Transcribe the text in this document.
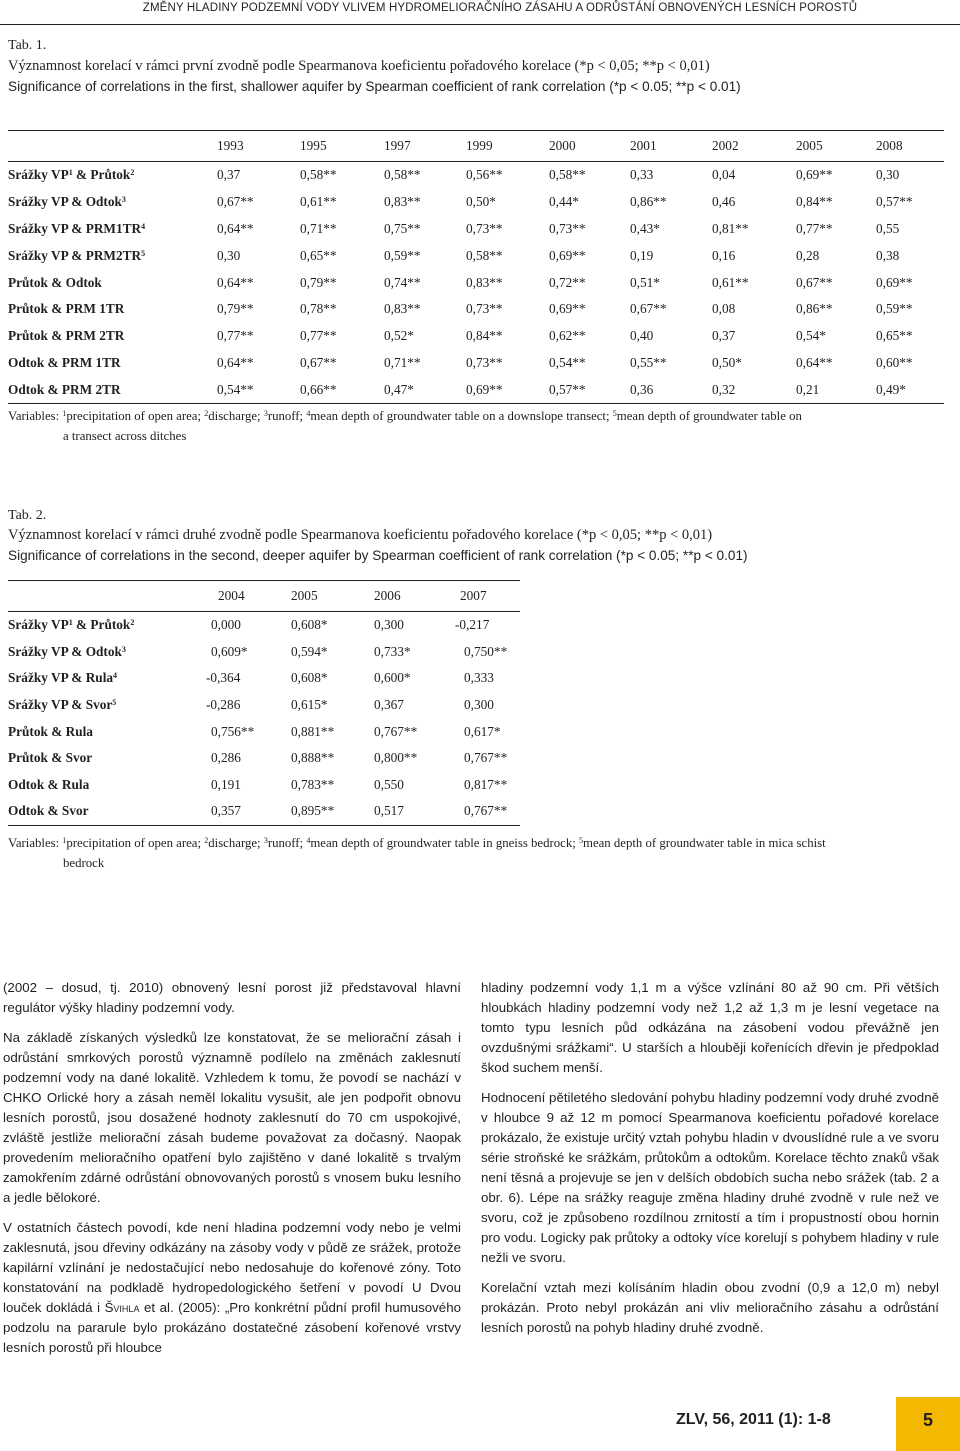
ZMĚNY HLADINY PODZEMNÍ VODY VLIVEM HYDROMELIORAČNÍHO ZÁSAHU A ODRŮSTÁNÍ OBNOVENÝCH LESNÍCH POROSTŮ
Tab. 1.
Významnost korelací v rámci první zvodně podle Spearmanova koeficientu pořadového korelace (*p < 0,05; **p < 0,01)
Significance of correlations in the first, shallower aquifer by Spearman coefficient of rank correlation (*p < 0.05; **p < 0.01)
	1993	1995	1997	1999	2000	2001	2002	2005	2008
Srážky $VP^1$ & Průtok$^2$	0,37	0,58**	0,58**	0,56**	0,58**	0,33	0,04	0,69**	0,30
Srážky VP & Odtok$^3$	0,67**	0,61**	0,83**	0,50*	0,44*	0,86**	0,46	0,84**	0,57**
Srážky VP & $PRM1TR^4$	0,64**	0,71**	0,75**	0,73**	0,73**	0,43*	0,81**	0,77**	0,55
Srážky VP & $PRM2TR^5$	0,30	0,65**	0,59**	0,58**	0,69**	0,19	0,16	0,28	0,38
Průtok & Odtok	0,64**	0,79**	0,74**	0,83**	0,72**	0,51*	0,61**	0,67**	0,69**
Průtok & PRM 1TR	0,79**	0,78**	0,83**	0,73**	0,69**	0,67**	0,08	0,86**	0,59**
Průtok & PRM 2TR	0,77**	0,77**	0,52*	0,84**	0,62**	0,40	0,37	0,54*	0,65**
Odtok & PRM 1TR	0,64**	0,67**	0,71**	0,73**	0,54**	0,55**	0,50*	0,64**	0,60**
Odtok & PRM 2TR	0,54**	0,66**	0,47*	0,69**	0,57**	0,36	0,32	0,21	0,49*
Variables: $^1$precipitation of open area; $^2$discharge; $^3$runoff; $^4$mean depth of groundwater table on a downslope transect; $^5$mean depth of groundwater table on
a transect across ditches
Tab. 2.
Významnost korelací v rámci druhé zvodně podle Spearmanova koeficientu pořadového korelace (*p < 0,05; **p < 0,01)
Significance of correlations in the second, deeper aquifer by Spearman coefficient of rank correlation (*p < 0.05; **p < 0.01)
	2004	2005	2006	2007
Srážky $VP^1$ & Průtok$^2$	0,000	0,608*	0,300	-0,217
Srážky VP & Odtok$^3$	0,609*	0,594*	0,733*	0,750**
Srážky VP & Rula$^4$	-0,364	0,608*	0,600*	0,333
Srážky VP & Svor$^5$	-0,286	0,615*	0,367	0,300
Průtok & Rula	0,756**	0,881**	0,767**	0,617*
Průtok & Svor	0,286	0,888**	0,800**	0,767**
Odtok & Rula	0,191	0,783**	0,550	0,817**
Odtok & Svor	0,357	0,895**	0,517	0,767**
Variables: $^1$precipitation of open area; $^2$discharge; $^3$runoff; $^4$mean depth of groundwater table in gneiss bedrock; $^5$mean depth of groundwater table in mica schist
bedrock

(2002 – dosud, tj. 2010) obnovený lesní porost již představoval hlavní regulátor výšky hladiny podzemní vody.

Na základě získaných výsledků lze konstatovat, že se meliorační zásah i odrůstání smrkových porostů významně podílelo na změnách zaklesnutí podzemní vody na dané lokalitě. Vzhledem k tomu, že povodí se nachází v CHKO Orlické hory a zásah neměl lokalitu vysušit, ale jen podpořit obnovu lesních porostů, jsou dosažené hodnoty zaklesnutí do 70 cm uspokojivé, zvláště jestliže meliorační zásah budeme považovat za dočasný. Naopak provedením melioračního opatření bylo zajištěno v dané lokalitě s trvalým zamokřením zdárné odrůstání obnovovaných porostů s vnosem buku lesního a jedle bělokoré.

V ostatních částech povodí, kde není hladina podzemní vody nebo je velmi zaklesnutá, jsou dřeviny odkázány na zásoby vody v půdě ze srážek, protože kapilární vzlínání je nedostačující nebo nedosahuje do kořenové zóny. Toto konstatování na podkladě hydropedologického šetření v povodí U Dvou louček dokládá i Švihla et al. (2005): „Pro konkrétní půdní profil humusového podzolu na pararule bylo prokázáno dostatečné zásobení kořenové vrstvy lesních porostů při hloubce

hladiny podzemní vody 1,1 m a výšce vzlínání 80 až 90 cm. Při větších hloubkách hladiny podzemní vody než 1,2 až 1,3 m je lesní vegetace na tomto typu lesních půd odkázána na zásobení vodou převážně jen ovzdušnými srážkami“. U starších a hlouběji kořenících dřevin je předpoklad škod suchem menší.

Hodnocení pětiletého sledování pohybu hladiny podzemní vody druhé zvodně v hloubce 9 až 12 m pomocí Spearmanova koeficientu pořadové korelace prokázalo, že existuje určitý vztah pohybu hladin v dvouslídné rule a ve svoru série stroňské ke srážkám, průtokům a odtokům. Korelace těchto znaků však není těsná a projevuje se jen v delších obdobích sucha nebo srážek (tab. 2 a obr. 6). Lépe na srážky reaguje změna hladiny druhé zvodně v rule než ve svoru, což je způsobeno rozdílnou zrnitostí a tím i propustností obou hornin pro vodu. Logicky pak průtoky a odtoky více korelují s pohybem hladiny v rule nežli ve svoru.

Korelační vztah mezi kolísáním hladin obou zvodní (0,9 a 12,0 m) nebyl prokázán. Proto nebyl prokázán ani vliv melioračního zásahu a odrůstání lesních porostů na pohyb hladiny druhé zvodně.

ZLV, 56, 2011 (1): 1-8	5
